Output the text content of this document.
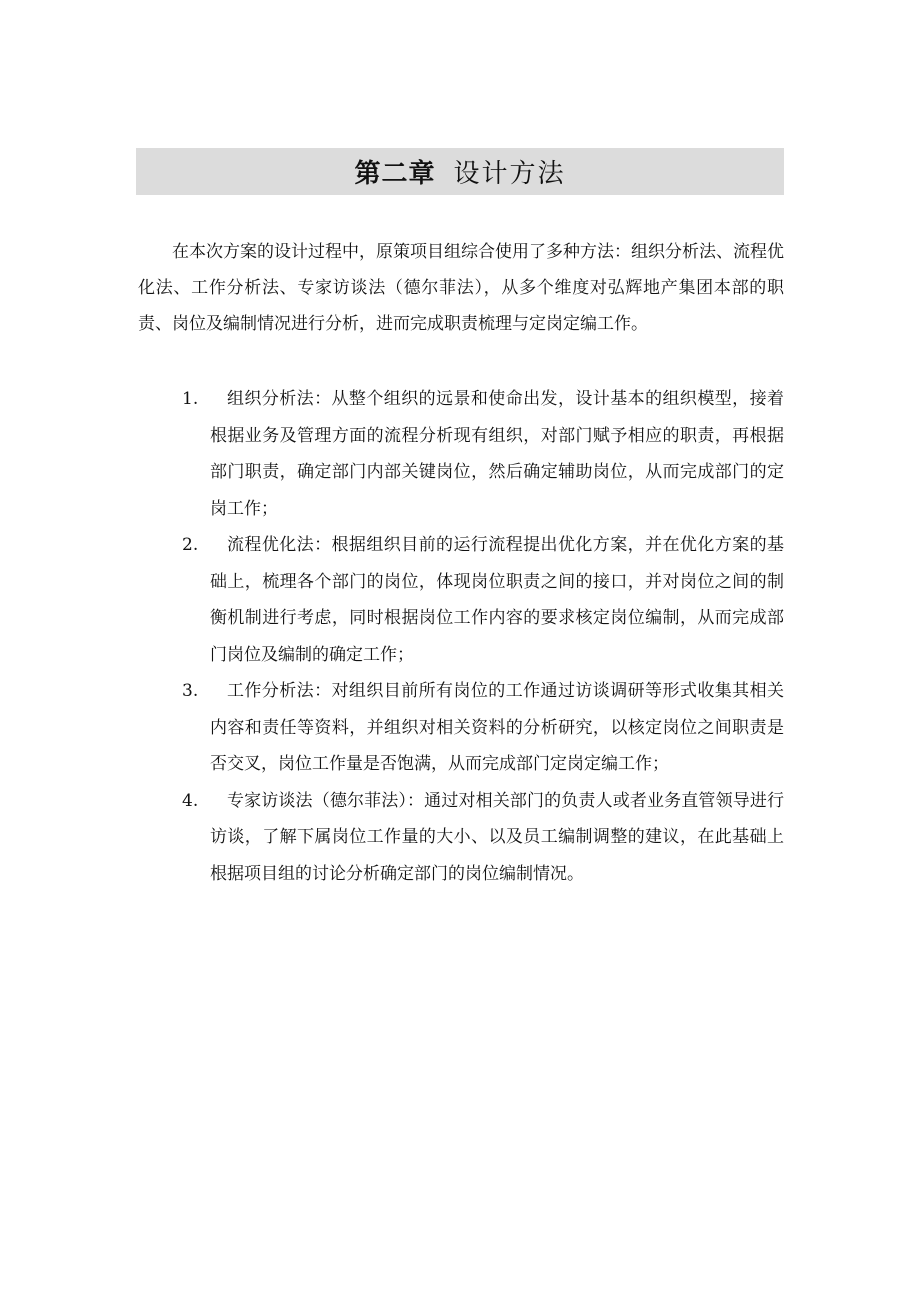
第二章 设计方法

在本次方案的设计过程中，原策项目组综合使用了多种方法：组织分析法、流程优化法、工作分析法、专家访谈法（德尔菲法），从多个维度对弘辉地产集团本部的职责、岗位及编制情况进行分析，进而完成职责梳理与定岗定编工作。

1.	组织分析法：从整个组织的远景和使命出发，设计基本的组织模型，接着根据业务及管理方面的流程分析现有组织，对部门赋予相应的职责，再根据部门职责，确定部门内部关键岗位，然后确定辅助岗位，从而完成部门的定岗工作；
2.	流程优化法：根据组织目前的运行流程提出优化方案，并在优化方案的基础上，梳理各个部门的岗位，体现岗位职责之间的接口，并对岗位之间的制衡机制进行考虑，同时根据岗位工作内容的要求核定岗位编制，从而完成部门岗位及编制的确定工作；
3.	工作分析法：对组织目前所有岗位的工作通过访谈调研等形式收集其相关内容和责任等资料，并组织对相关资料的分析研究，以核定岗位之间职责是否交叉，岗位工作量是否饱满，从而完成部门定岗定编工作；
4.	专家访谈法（德尔菲法）：通过对相关部门的负责人或者业务直管领导进行访谈，了解下属岗位工作量的大小、以及员工编制调整的建议，在此基础上根据项目组的讨论分析确定部门的岗位编制情况。
